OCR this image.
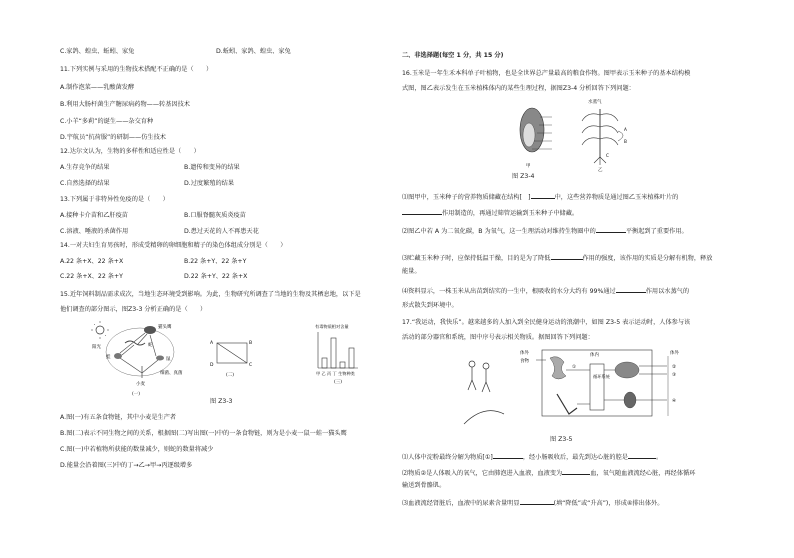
C.家鸽、蝗虫、蚯蚓、家兔	D.蚯蚓、家鸽、蝗虫、家兔
11.下列实例与采用的生物技术搭配不正确的是（　　）
A.制作泡菜——乳酸菌发酵
B.利用大肠杆菌生产糖尿病药物——转基因技术
C.小羊“多莉”的诞生——杂交育种
D.宇航员“抗荷服”的研制——仿生技术
12.达尔文认为，生物的多样性和适应性是（　　）
A.生存竞争的结果	B.遗传和变异的结果
C.自然选择的结果	D.过度繁殖的结果
13.下列属于非特异性免疫的是（　　）
A.接种卡介苗和乙肝疫苗	B.口服脊髓灰质炎疫苗
C.溶液、唾液的杀菌作用	D.患过天花的人不再患天花
14.一对夫妇生育男孩时，形成受精卵的卵细胞和精子的染色体组成分别是（　　）
A.22 条+X、22 条+X	B.22 条+Y、22 条+Y
C.22 条+X、22 条+Y	D.22 条+Y、22 条+X
15.近年饲料制品需求成次，当地生态环境受到影响。为此，生物研究所调查了当地的生物及其栖息地，以下是
他们调查的部分图示，图Z3-3 分析正确的是（　　）
阳光
猫头鹰
蛇
蛙	鼠
小麦
细菌、真菌
(一)
A	B
D	C
(二)
有毒物质相对含量
甲 乙 丙 丁 生物种类
(三)
图 Z3-3
A.图(一)有五条食物链，其中小麦是生产者
B.图(二)表示不同生物之间的关系，根据图(二)写出图(一)中的一条食物链，则为是小麦一鼠一蛙一猫头鹰
C.图(一)中若植物所获能的数量减少，则蛇的数量将减少
D.能量会沿着图(三)中的丁→乙→甲→丙逐级增多
二、非选择题(每空 1 分，共 15 分)
16.玉米是一年生禾本科单子叶植物，也是全世界总产量最高的粮食作物。图甲表示玉米种子的基本结构模
式图，图乙表示发生在玉米植株体内的某些生理过程，据图Z3-4 分析回答下列问题：
甲
水蒸气
A
B
C
乙
图 Z3-4
⑴图甲中，玉米种子的营养物质储藏在结构[　]	中，这些营养物质是通过图乙玉米植株叶片的
作用制造的，再通过筛管运输到玉米种子中储藏。
⑵图乙中若 A 为二氧化碳，B 为氧气，这一生理活动对维持生物圈中的	平衡起到了重要作用。
⑶贮藏玉米种子时，应保持低温干燥，目的是为了降低	作用的强度，该作用的实质是分解有机物，释放
能量。
⑷资料显示，一株玉米从出苗到结实的一生中，根吸收的水分大约有 99%通过	作用以水蒸气的
形式散失到环境中。
17.“我运动，我快乐”。越来越多的人加入到全民健身运动的浪潮中，如图 Z3-5 表示运动时，人体参与该
活动的部分器官和系统，图中序号表示相关物质。据图回答下列问题：
体外
食物
体内
循环系统
体外
①	②
③
④
图 Z3-5
⑴人体中淀粉最终分解为物质[①]	，经小肠吸收后，最先到达心脏的腔是	。
⑵物质②是人体吸入的氧气，它由肺泡进入血液，血液变为	血，氧气随血液流经心脏，再经体循环
输送到骨骼肌。
⑶血液流经肾脏后，血液中的尿素含量明显	(填“降低”或“升高”)，形成④排出体外。
